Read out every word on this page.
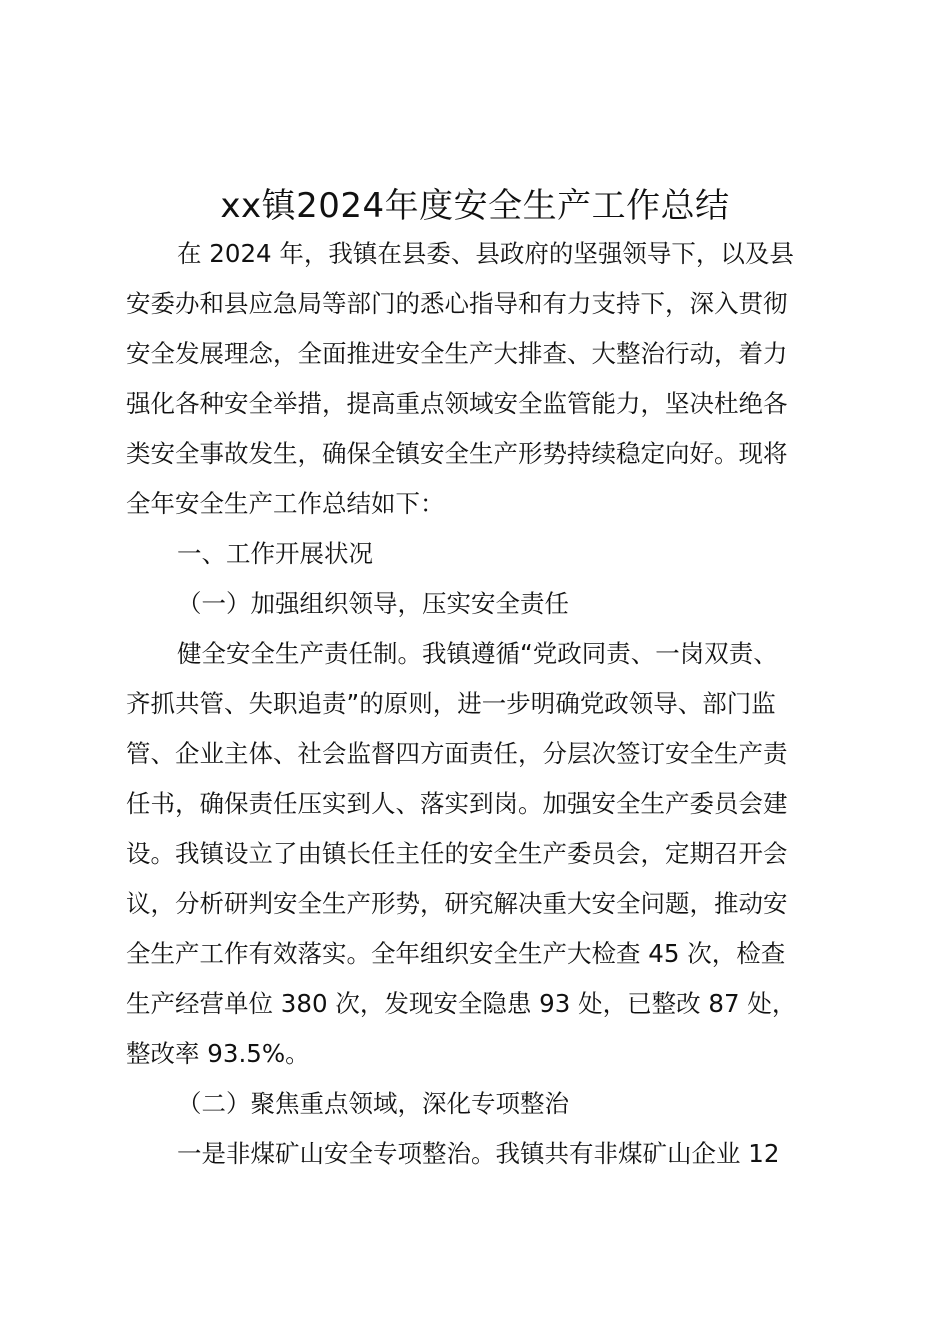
xx镇2024年度安全生产工作总结

在 2024 年，我镇在县委、县政府的坚强领导下，以及县

安委办和县应急局等部门的悉心指导和有力支持下，深入贯彻

安全发展理念，全面推进安全生产大排查、大整治行动，着力

强化各种安全举措，提高重点领域安全监管能力，坚决杜绝各

类安全事故发生，确保全镇安全生产形势持续稳定向好。现将

全年安全生产工作总结如下：

一、工作开展状况

（一）加强组织领导，压实安全责任

健全安全生产责任制。我镇遵循“党政同责、一岗双责、

齐抓共管、失职追责”的原则，进一步明确党政领导、部门监

管、企业主体、社会监督四方面责任，分层次签订安全生产责

任书，确保责任压实到人、落实到岗。加强安全生产委员会建

设。我镇设立了由镇长任主任的安全生产委员会，定期召开会

议，分析研判安全生产形势，研究解决重大安全问题，推动安

全生产工作有效落实。全年组织安全生产大检查 45 次，检查

生产经营单位 380 次，发现安全隐患 93 处，已整改 87 处，

整改率 93.5%。

（二）聚焦重点领域，深化专项整治

一是非煤矿山安全专项整治。我镇共有非煤矿山企业 12
